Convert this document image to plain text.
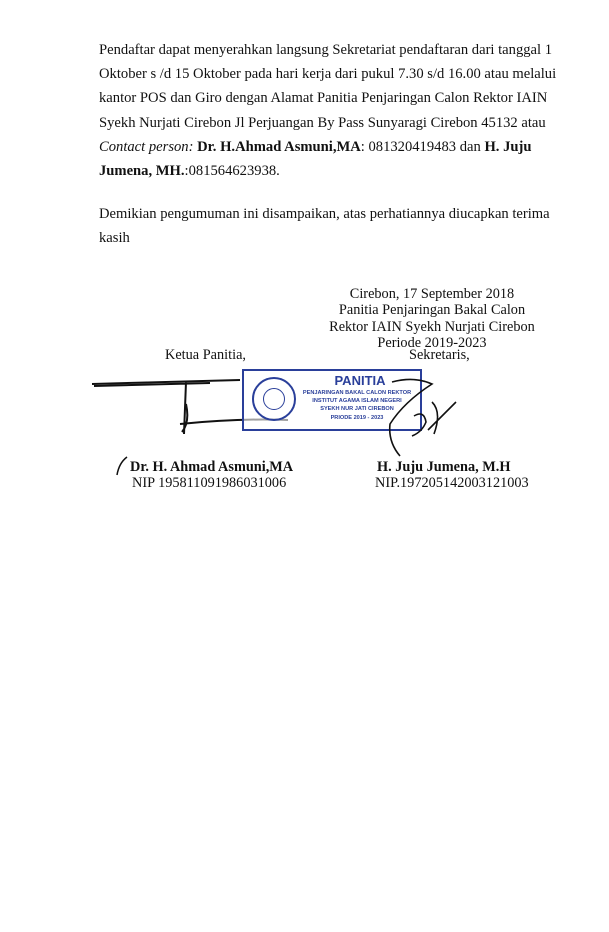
Pendaftar dapat menyerahkan langsung Sekretariat pendaftaran dari tanggal 1
Oktober s /d 15 Oktober pada hari kerja dari pukul 7.30 s/d 16.00 atau melalui
kantor POS dan Giro dengan Alamat Panitia Penjaringan Calon Rektor IAIN
Syekh Nurjati Cirebon Jl Perjuangan By Pass Sunyaragi Cirebon 45132 atau
Contact person: Dr. H.Ahmad Asmuni,MA: 081320419483 dan H. Juju
Jumena, MH.:081564623938.
Demikian pengumuman ini disampaikan, atas perhatiannya diucapkan terima
kasih
Cirebon, 17 September 2018
Panitia Penjaringan Bakal Calon
Rektor IAIN Syekh Nurjati Cirebon
Periode 2019-2023
Ketua Panitia,	Sekretaris,
PANITIA
PENJARINGAN BAKAL CALON REKTOR
INSTITUT AGAMA ISLAM NEGERI
SYEKH NUR JATI CIREBON
PRIODE 2019 - 2023
Dr. H. Ahmad Asmuni,MA
NIP 195811091986031006
H. Juju Jumena, M.H
NIP.197205142003121003
